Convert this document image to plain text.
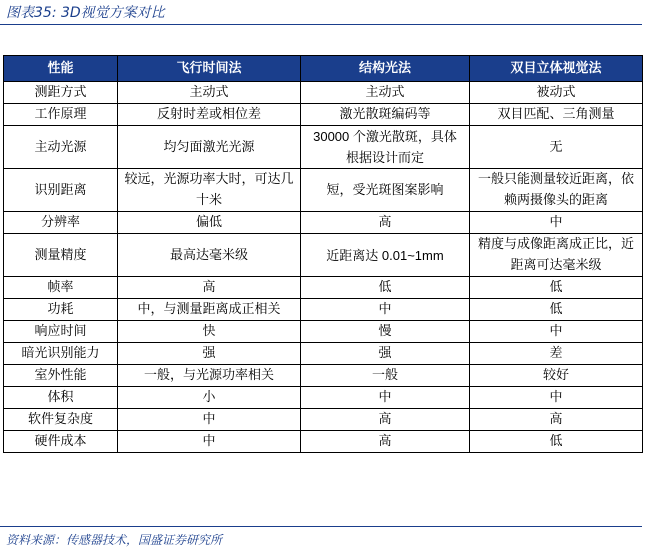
图表35: 3D视觉方案对比
性能	飞行时间法	结构光法	双目立体视觉法
测距方式	主动式	主动式	被动式
工作原理	反射时差或相位差	激光散斑编码等	双目匹配、三角测量
主动光源	均匀面激光光源	30000 个激光散斑，具体根据设计而定	无
识别距离	较远，光源功率大时，可达几十米	短，受光斑图案影响	一般只能测量较近距离，依赖两摄像头的距离
分辨率	偏低	高	中
测量精度	最高达毫米级	近距离达 0.01~1mm	精度与成像距离成正比，近距离可达毫米级
帧率	高	低	低
功耗	中，与测量距离成正相关	中	低
响应时间	快	慢	中
暗光识别能力	强	强	差
室外性能	一般，与光源功率相关	一般	较好
体积	小	中	中
软件复杂度	中	高	高
硬件成本	中	高	低
资料来源：传感器技术，国盛证券研究所
